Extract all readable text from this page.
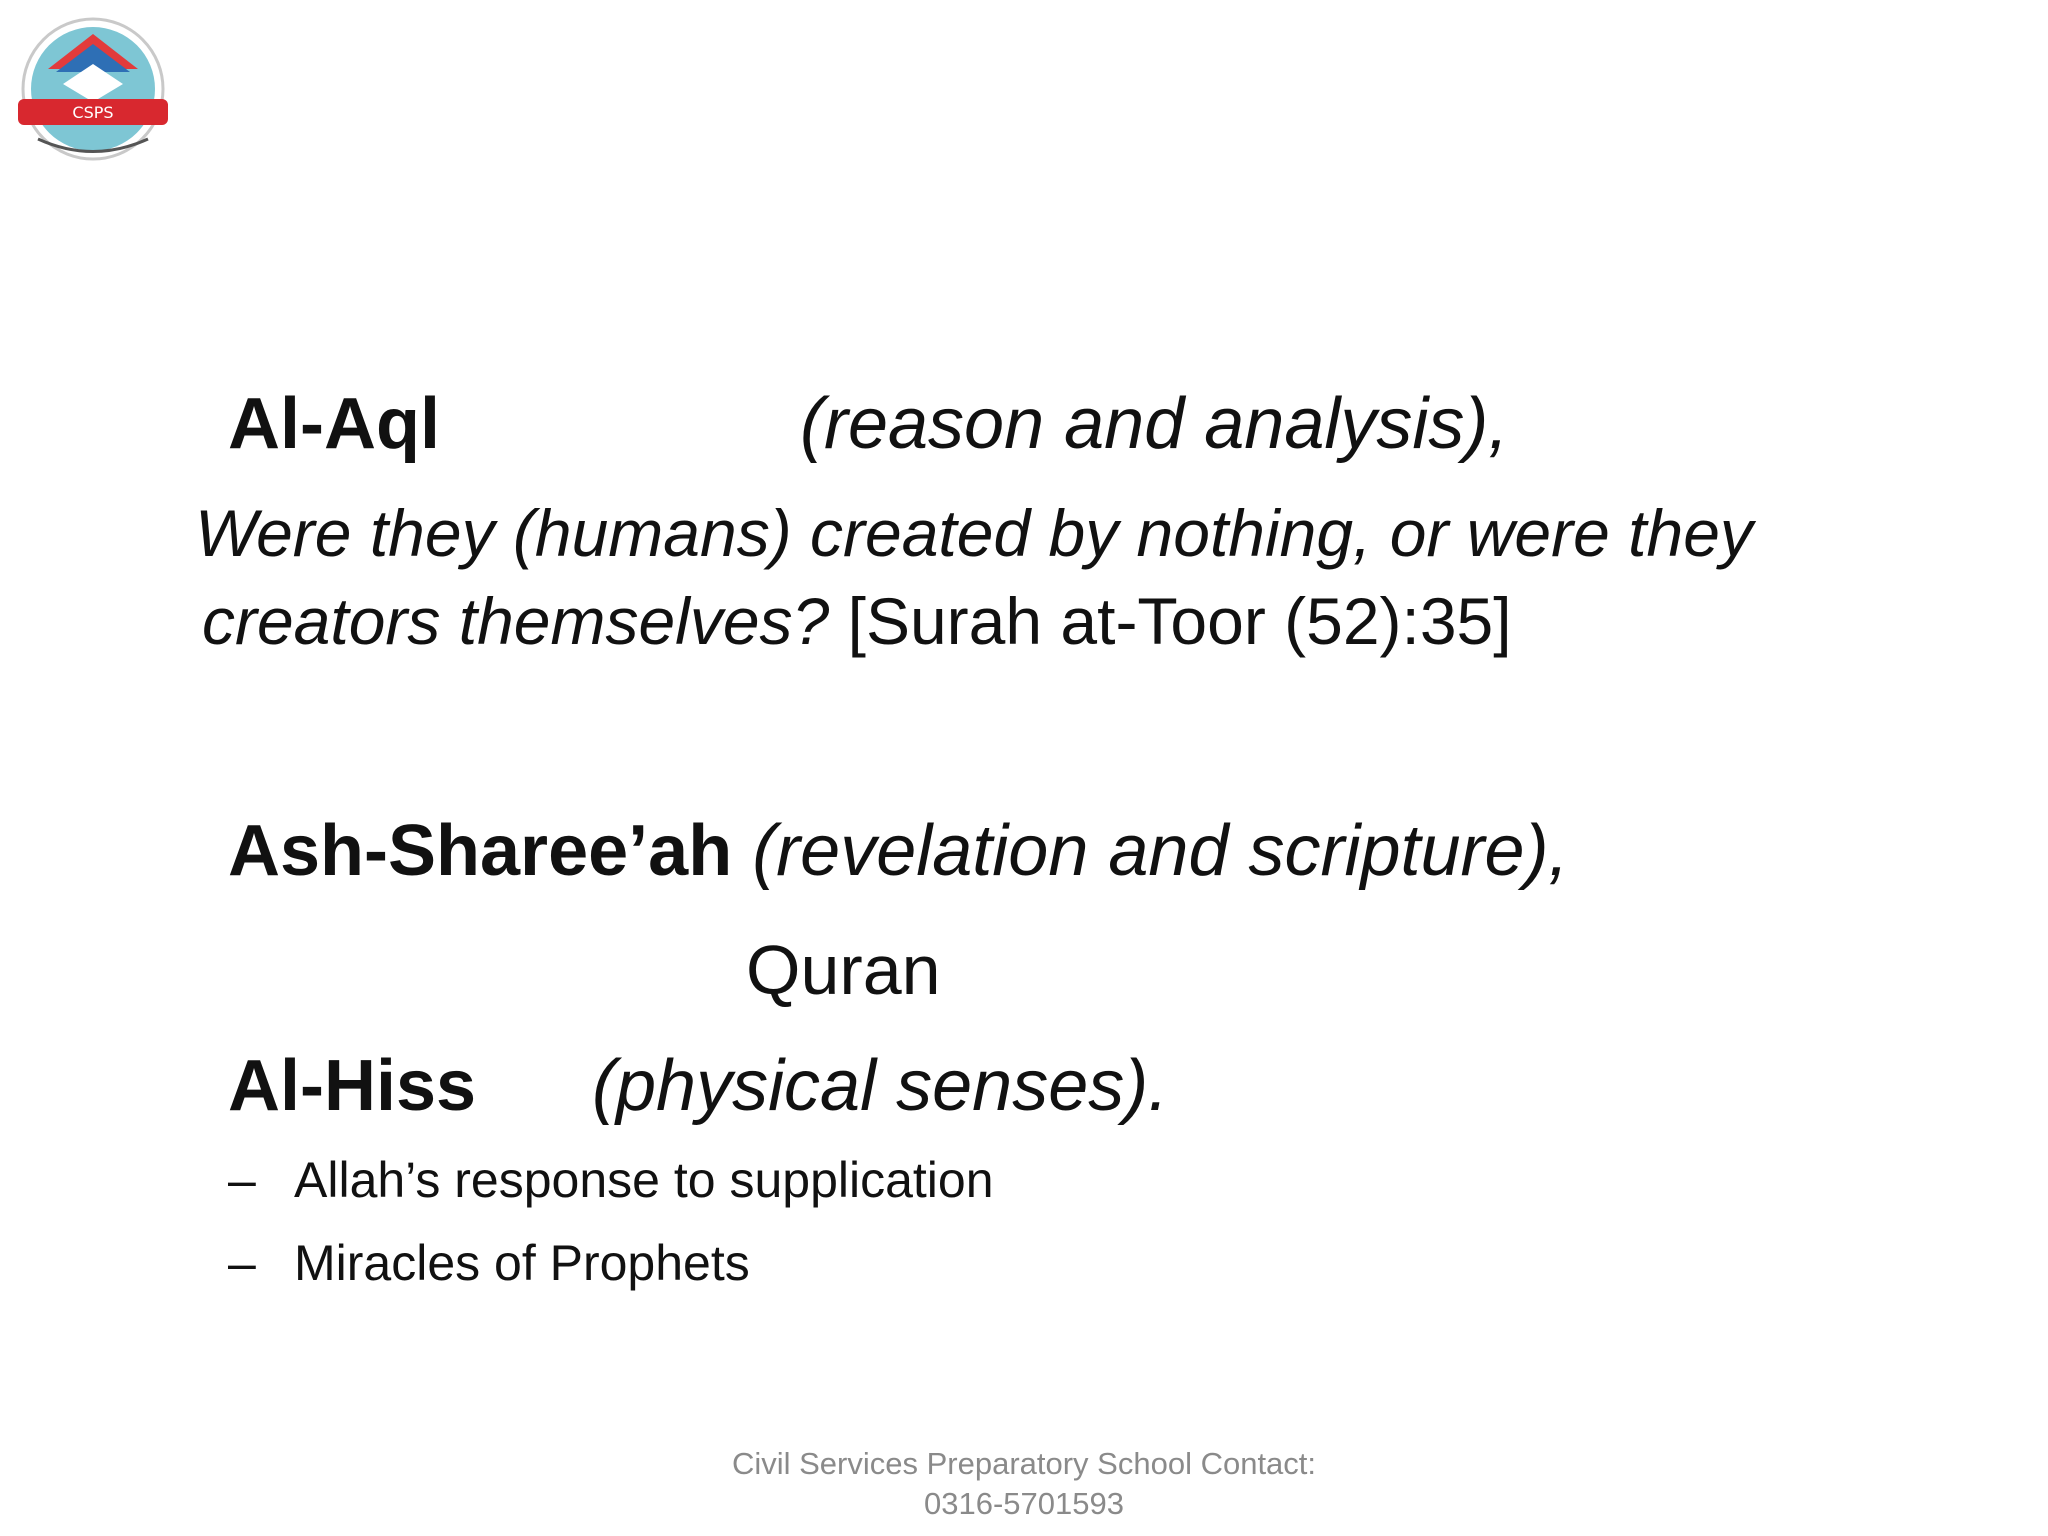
CSPS
Al-Aql	(reason and analysis),
Were they (humans) created by nothing, or were they
creators themselves? [Surah at-Toor (52):35]
Ash-Sharee’ah (revelation and scripture),
Quran
Al-Hiss (physical senses).
– Allah’s response to supplication
– Miracles of Prophets
Civil Services Preparatory School Contact:
0316-5701593
